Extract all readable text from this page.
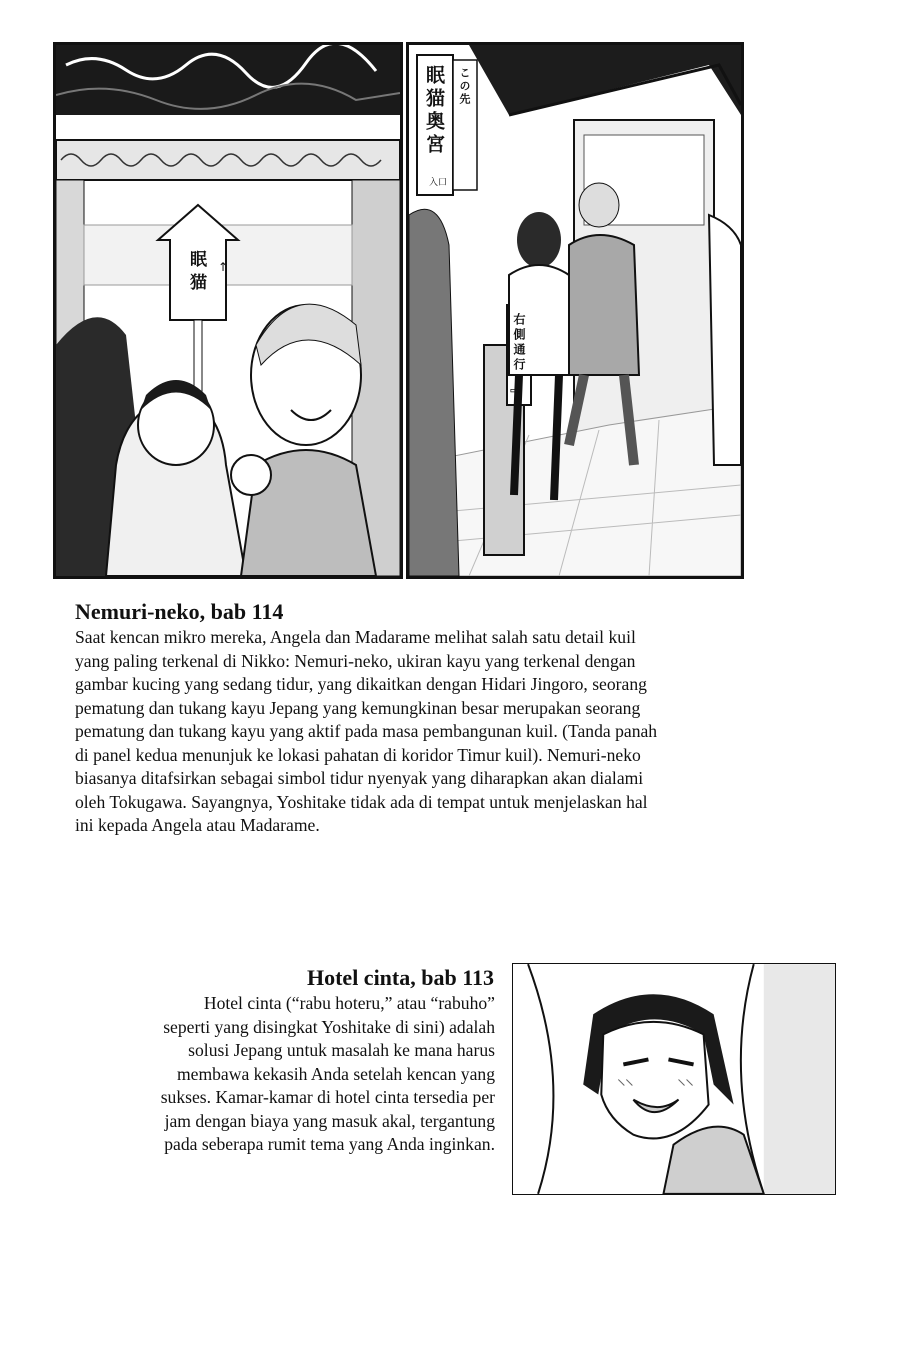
眠猫 ↑
眠猫奥宮 この先
入口
右側通行
⇨
Nemuri-neko, bab 114

Saat kencan mikro mereka, Angela dan Madarame melihat salah satu detail kuil
yang paling terkenal di Nikko: Nemuri-neko, ukiran kayu yang terkenal dengan
gambar kucing yang sedang tidur, yang dikaitkan dengan Hidari Jingoro, seorang
pematung dan tukang kayu Jepang yang kemungkinan besar merupakan seorang
pematung dan tukang kayu yang aktif pada masa pembangunan kuil. (Tanda panah
di panel kedua menunjuk ke lokasi pahatan di koridor Timur kuil). Nemuri-neko
biasanya ditafsirkan sebagai simbol tidur nyenyak yang diharapkan akan dialami
oleh Tokugawa. Sayangnya, Yoshitake tidak ada di tempat untuk menjelaskan hal
ini kepada Angela atau Madarame.

Hotel cinta, bab 113

Hotel cinta (“rabu hoteru,” atau “rabuho”
seperti yang disingkat Yoshitake di sini) adalah
solusi Jepang untuk masalah ke mana harus
membawa kekasih Anda setelah kencan yang
sukses. Kamar-kamar di hotel cinta tersedia per
jam dengan biaya yang masuk akal, tergantung
pada seberapa rumit tema yang Anda inginkan.
